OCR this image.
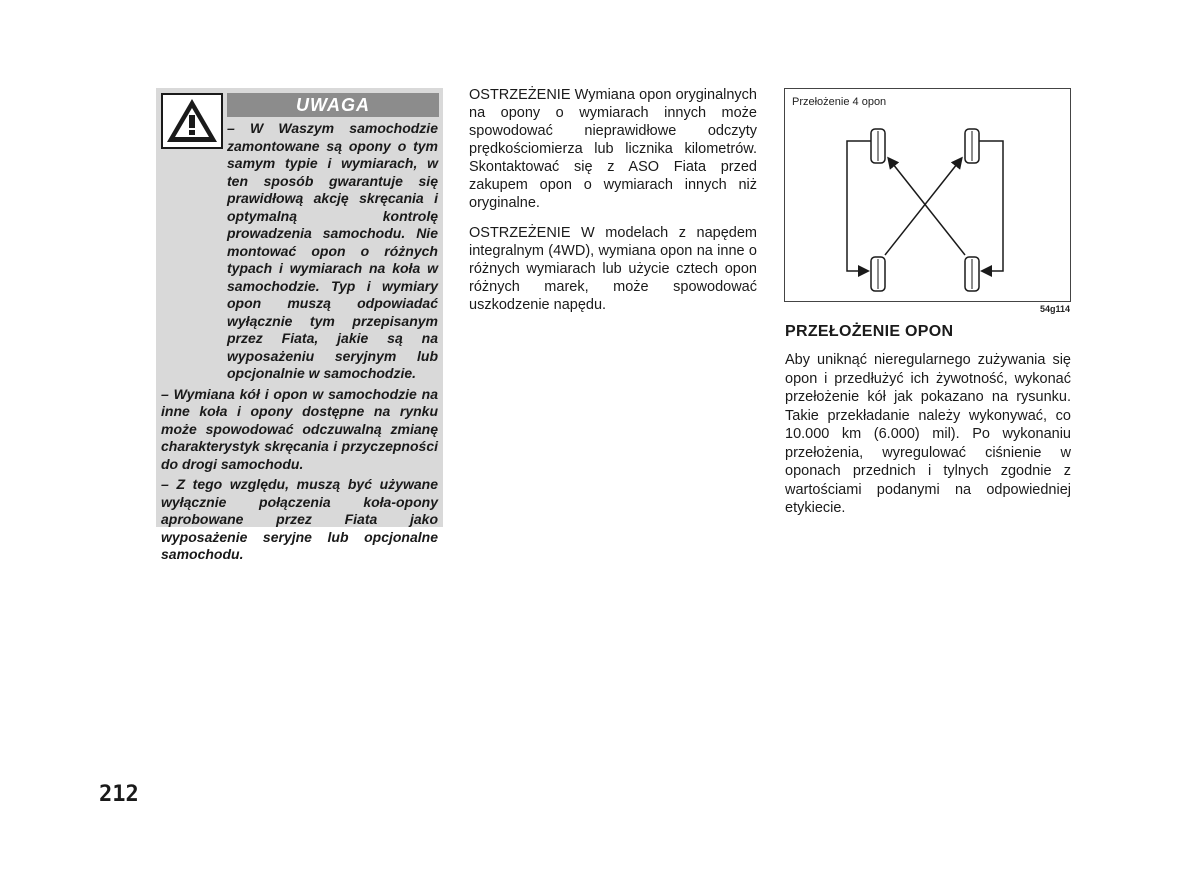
UWAGA

– W Waszym samochodzie zamontowane są opony o tym samym typie i wymiarach, w ten sposób gwarantuje się prawidłową akcję skręcania i optymalną kontrolę prowadzenia samochodu. Nie montować opon o różnych typach i wymiarach na koła w samochodzie. Typ i wymiary opon muszą odpowiadać wyłącznie tym przepisanym przez Fiata, jakie są na wyposażeniu seryjnym lub opcjonalnie w samochodzie.

– Wymiana kół i opon w samochodzie na inne koła i opony dostępne na rynku może spowodować odczuwalną zmianę charakterystyk skręcania i przyczepności do drogi samochodu.

– Z tego względu, muszą być używane wyłącznie połączenia koła-opony aprobowane przez Fiata jako wyposażenie seryjne lub opcjonalne samochodu.

OSTRZEŻENIE Wymiana opon oryginalnych na opony o wymiarach innych może spowodować nieprawidłowe odczyty prędkościomierza lub licznika kilometrów. Skontaktować się z ASO Fiata przed zakupem opon o wymiarach innych niż oryginalne.

OSTRZEŻENIE W modelach z napędem integralnym (4WD), wymiana opon na inne o różnych wymiarach lub użycie cztech opon różnych marek, może spowodować uszkodzenie napędu.

Przełożenie 4 opon
54g114
PRZEŁOŻENIE OPON

Aby uniknąć nieregularnego zużywania się opon i przedłużyć ich żywotność, wykonać przełożenie kół jak pokazano na rysunku. Takie przekładanie należy wykonywać, co 10.000 km (6.000) mil). Po wykonaniu przełożenia, wyregulować ciśnienie w oponach przednich i tylnych zgodnie z wartościami podanymi na odpowiedniej etykiecie.

212
